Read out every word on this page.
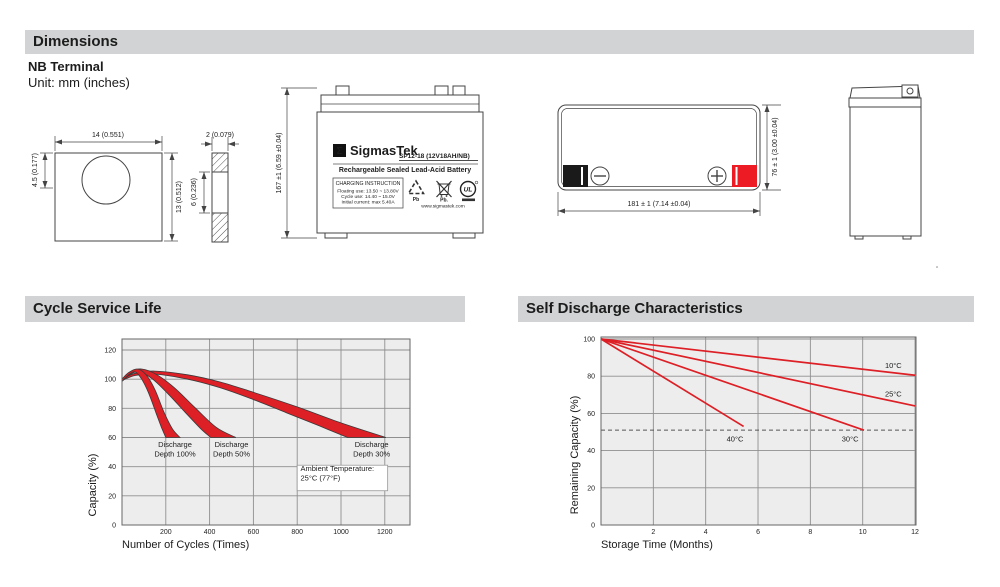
Dimensions
NB Terminal
Unit: mm (inches)
Cycle Service Life	Self Discharge Characteristics
14 (0.551)
4.5 (0.177)
13 (0.512)
2 (0.079)
6 (0.236)
Σ SigmasTek
SP12-18 (12V18AH/NB)
Rechargeable Sealed Lead-Acid Battery
CHARGING INSTRUCTION
Floating use: 13.50 ~ 13.80V
Cycle use: 14.40 ~ 15.0V
Initial current: max 5.40A	Pb	Pb.
UL
www.sigmastek.com
167 ±1 (6.59 ±0.04)
181 ± 1 (7.14 ±0.04)
76 ± 1 (3.00 ±0.04)
Discharge
Depth 100%
Discharge
Depth 50%
Discharge
Depth 30%
Ambient Temperature:
25°C (77°F)
200	400	600	800	1000	1200
0
20
40
60
80
100
120
Number of Cycles (Times)
Capacity (%)
10°C
25°C
30°C
40°C
2	4	6	8	10	12
0
20
40
60
80
100
Storage Time (Months)
Remaining Capacity (%)
